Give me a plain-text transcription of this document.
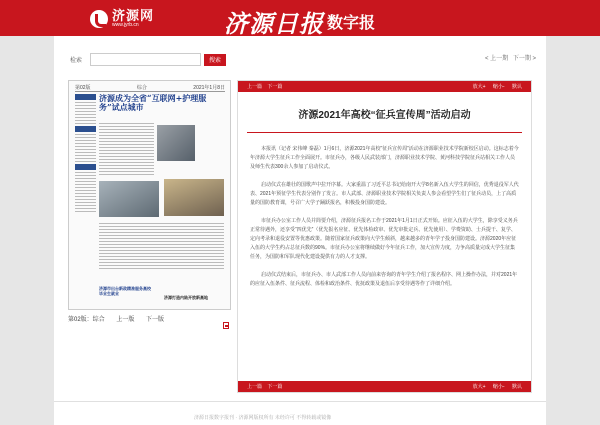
济源网
www.jyrb.cn	济源日报 数字报
检索	搜索	< 上一期 下一期 >
第02版	综合	2021年1月8日
济源成为全省“互联网+护理服务”试点城市
济源市出台新政精准服务高校毕业生就业
济源打造内陆开放新高地
第02版：综合 上一版 下一版
上一篇 下一篇	放大+ 缩小- 默认
济源2021年高校“征兵宣传周”活动启动

本报讯（记者 宋伟峰 秦磊）1月6日，济源2021年高校“征兵宣传周”活动在济源职业技术学院新校区启动。这标志着今年济源大学生征兵工作全面展开。市征兵办，各级人民武装部门，济源职业技术学院、黄河科技学院征兵站相关工作人员及师生代表300余人参加了启动仪式。

启动仪式在雄壮的国歌声中拉开序幕。大家重温了习近平总书记给南开大学8名新入伍大学生的回信，优秀退役军人代表、2021年预征学生代表分别作了发言。市人武部、济源职业技术学院相关负责人参会看望学生们了征兵动员，上了高质量的国防教育课，号召广大学子踊跃报名，积极投身国防建设。

市征兵办公室工作人员并简要介绍，济源征兵报名工作于2021年1月1日正式开始。应征入伍的大学生，除享受义务兵正常待遇外，还享受“四优先”（优先报名应征、优先体检政审、优先审批定兵、优先使用）、学费资助、士兵提干、复学、定向考录和退役安置等优惠政策。随着国家征兵政策向大学生倾斜，越来越多的青年学子投身国防建设。济源2020年应征入伍的大学生约占总征兵数的90%。市征兵办公室将继续做好今年征兵工作，加大宣传力度，力争高质量完成大学生征集任务，为国防和军队现代化建设提供有力的人才支撑。

启动仪式结束后，市征兵办、市人武部工作人员向前来咨询的青年学生介绍了报名程序、网上操作办法，并对2021年的应征入伍条件、征兵流程、体检和政治条件、优抚政策及退伍后享受待遇等作了详细介绍。

上一篇 下一篇	放大+ 缩小- 默认
济源日报数字报刊 · 济源网版权所有 未经许可 不得转载或镜像
